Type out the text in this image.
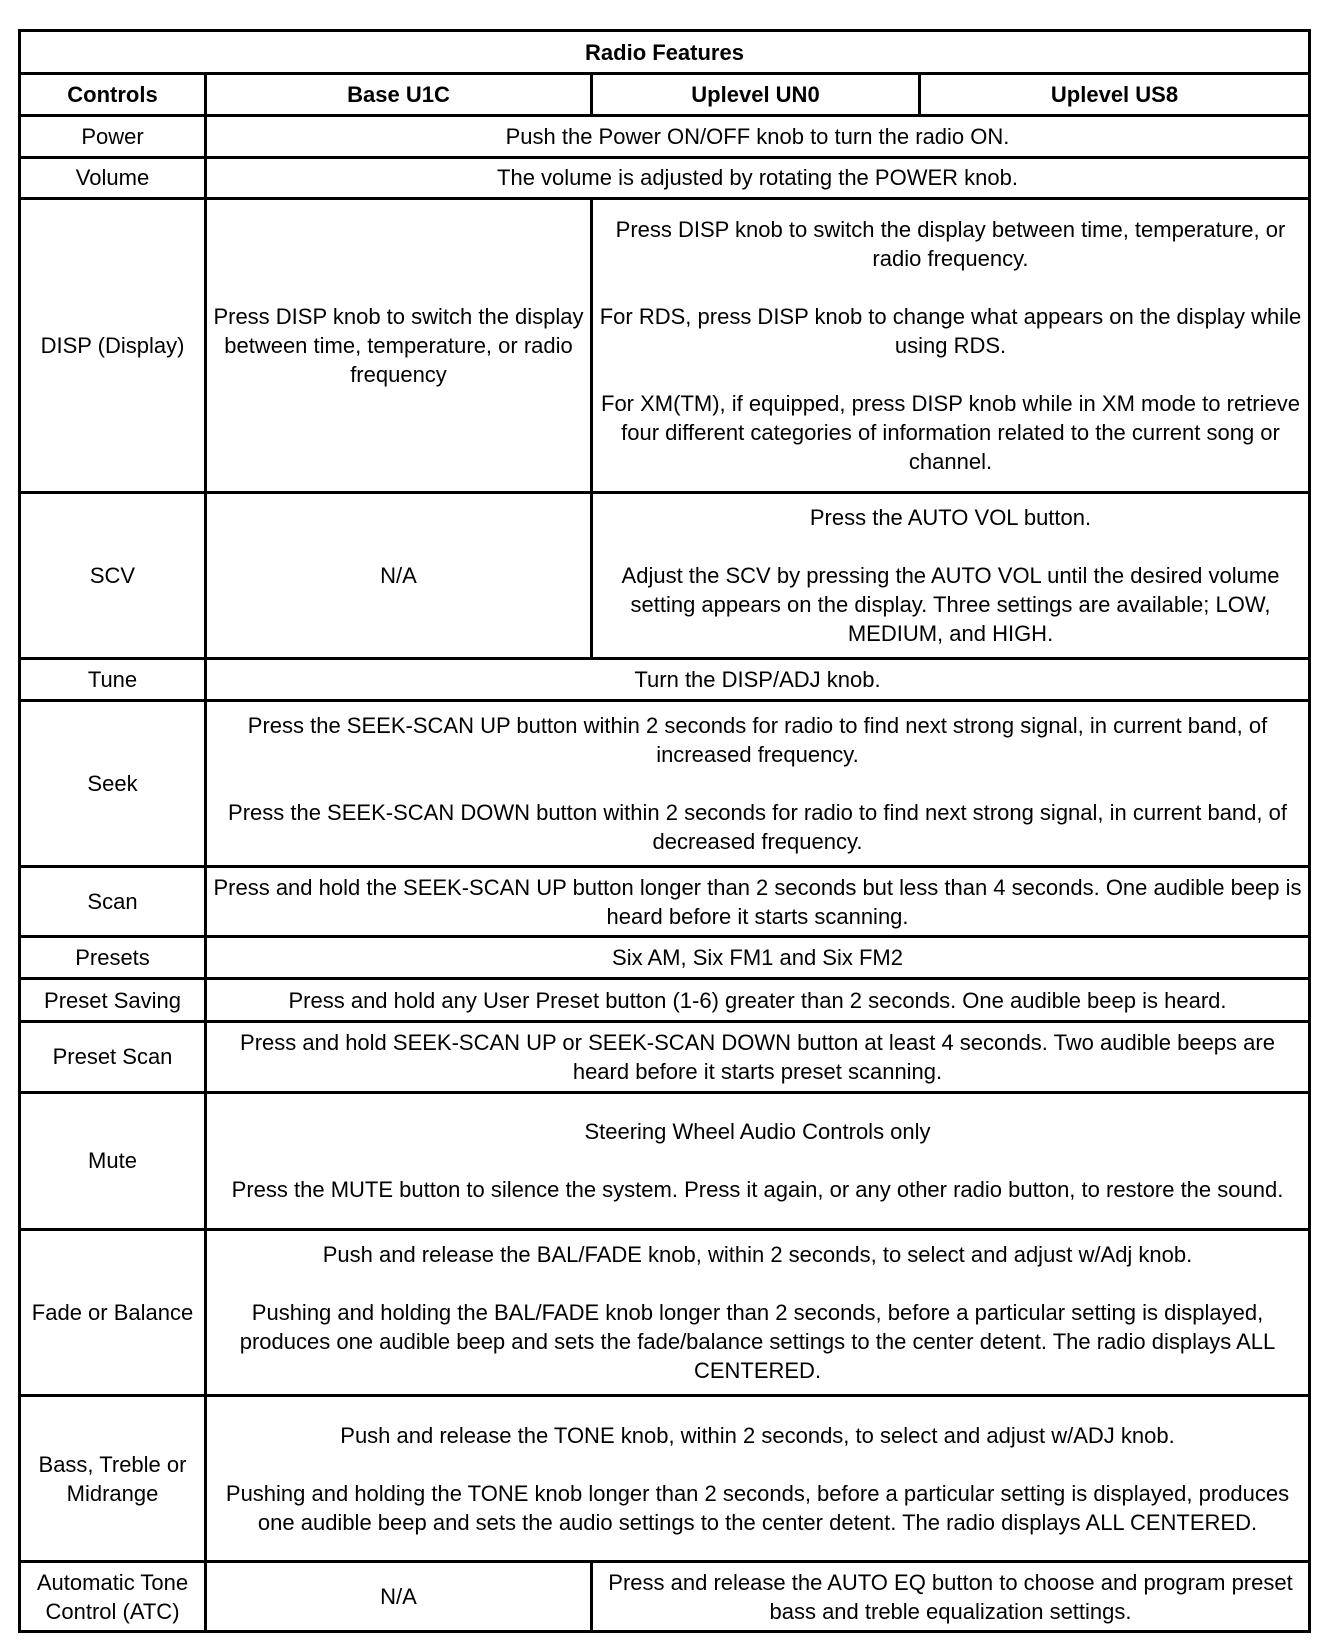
Radio Features			
Controls	Base U1C	Uplevel UN0	Uplevel US8
Power	Push the Power ON/OFF knob to turn the radio ON.		
Volume	The volume is adjusted by rotating the POWER knob.		
DISP (Display)	Press DISP knob to switch the display between time, temperature, or radio frequency	Press DISP knob to switch the display between time, temperature, or radio frequency.
For RDS, press DISP knob to change what appears on the display while using RDS.
For XM(TM), if equipped, press DISP knob while in XM mode to retrieve four different categories of information related to the current song or channel.	

SCV	N/A	Press the AUTO VOL button.
Adjust the SCV by pressing the AUTO VOL until the desired volume setting appears on the display. Three settings are available; LOW, MEDIUM, and HIGH.	

Tune	Turn the DISP/ADJ knob.		
Seek	Press the SEEK-SCAN UP button within 2 seconds for radio to find next strong signal, in current band, of increased frequency.
Press the SEEK-SCAN DOWN button within 2 seconds for radio to find next strong signal, in current band, of decreased frequency.		

Scan	Press and hold the SEEK-SCAN UP button longer than 2 seconds but less than 4 seconds. One audible beep is heard before it starts scanning.		
Presets	Six AM, Six FM1 and Six FM2		
Preset Saving	Press and hold any User Preset button (1-6) greater than 2 seconds. One audible beep is heard.		
Preset Scan	Press and hold SEEK-SCAN UP or SEEK-SCAN DOWN button at least 4 seconds. Two audible beeps are heard before it starts preset scanning.		
Mute	Steering Wheel Audio Controls only
Press the MUTE button to silence the system. Press it again, or any other radio button, to restore the sound.		

Fade or Balance	Push and release the BAL/FADE knob, within 2 seconds, to select and adjust w/Adj knob.
Pushing and holding the BAL/FADE knob longer than 2 seconds, before a particular setting is displayed, produces one audible beep and sets the fade/balance settings to the center detent. The radio displays ALL CENTERED.		

Bass, Treble or Midrange	Push and release the TONE knob, within 2 seconds, to select and adjust w/ADJ knob.
Pushing and holding the TONE knob longer than 2 seconds, before a particular setting is displayed, produces one audible beep and sets the audio settings to the center detent. The radio displays ALL CENTERED.		

Automatic Tone Control (ATC)	N/A	Press and release the AUTO EQ button to choose and program preset bass and treble equalization settings.	
